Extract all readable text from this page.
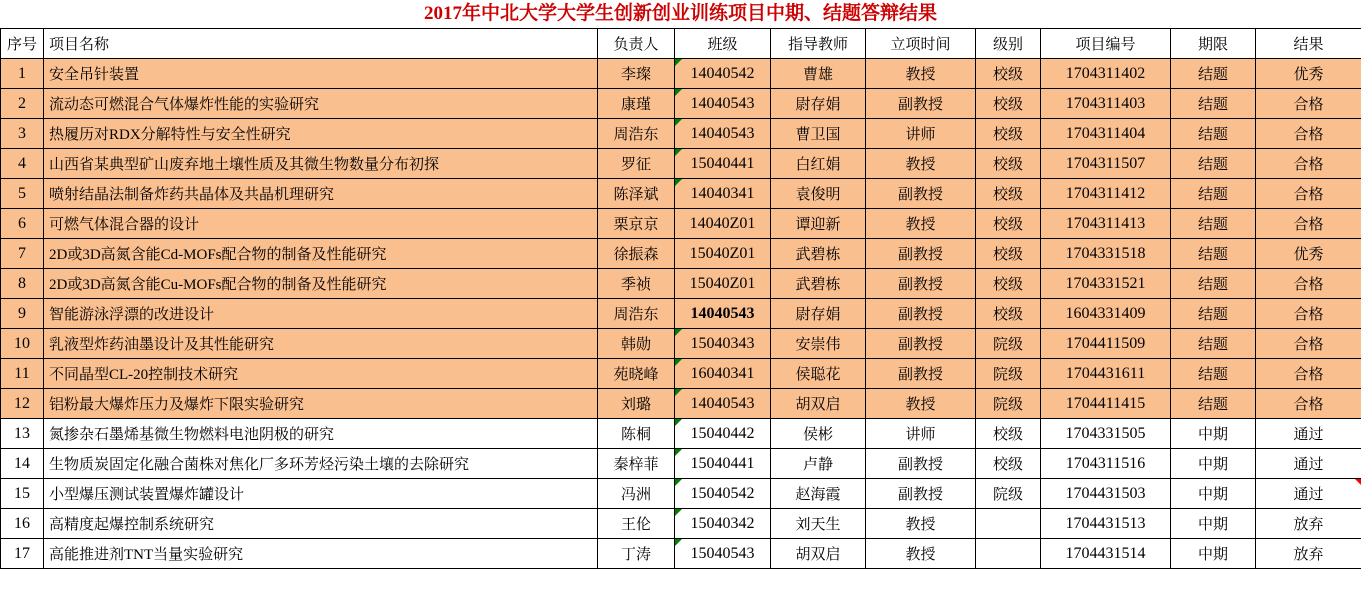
2017年中北大学大学生创新创业训练项目中期、结题答辩结果
序号	项目名称	负责人	班级	指导教师	立项时间	级别	项目编号	期限	结果
1	安全吊针装置	李璨	14040542	曹雄	教授	校级	1704311402	结题	优秀
2	流动态可燃混合气体爆炸性能的实验研究	康瑾	14040543	尉存娟	副教授	校级	1704311403	结题	合格
3	热履历对RDX分解特性与安全性研究	周浩东	14040543	曹卫国	讲师	校级	1704311404	结题	合格
4	山西省某典型矿山废弃地土壤性质及其微生物数量分布初探	罗征	15040441	白红娟	教授	校级	1704311507	结题	合格
5	喷射结晶法制备炸药共晶体及共晶机理研究	陈泽斌	14040341	袁俊明	副教授	校级	1704311412	结题	合格
6	可燃气体混合器的设计	栗京京	14040Z01	谭迎新	教授	校级	1704311413	结题	合格
7	2D或3D高氮含能Cd-MOFs配合物的制备及性能研究	徐振森	15040Z01	武碧栋	副教授	校级	1704331518	结题	优秀
8	2D或3D高氮含能Cu-MOFs配合物的制备及性能研究	季祯	15040Z01	武碧栋	副教授	校级	1704331521	结题	合格
9	智能游泳浮漂的改进设计	周浩东	14040543	尉存娟	副教授	校级	1604331409	结题	合格
10	乳液型炸药油墨设计及其性能研究	韩勋	15040343	安崇伟	副教授	院级	1704411509	结题	合格
11	不同晶型CL-20控制技术研究	苑晓峰	16040341	侯聪花	副教授	院级	1704431611	结题	合格
12	铝粉最大爆炸压力及爆炸下限实验研究	刘璐	14040543	胡双启	教授	院级	1704411415	结题	合格
13	氮掺杂石墨烯基微生物燃料电池阴极的研究	陈桐	15040442	侯彬	讲师	校级	1704331505	中期	通过
14	生物质炭固定化融合菌株对焦化厂多环芳烃污染土壤的去除研究	秦梓菲	15040441	卢静	副教授	校级	1704311516	中期	通过
15	小型爆压测试装置爆炸罐设计	冯洲	15040542	赵海霞	副教授	院级	1704431503	中期	通过
16	高精度起爆控制系统研究	王伦	15040342	刘天生	教授		1704431513	中期	放弃
17	高能推进剂TNT当量实验研究	丁涛	15040543	胡双启	教授		1704431514	中期	放弃
